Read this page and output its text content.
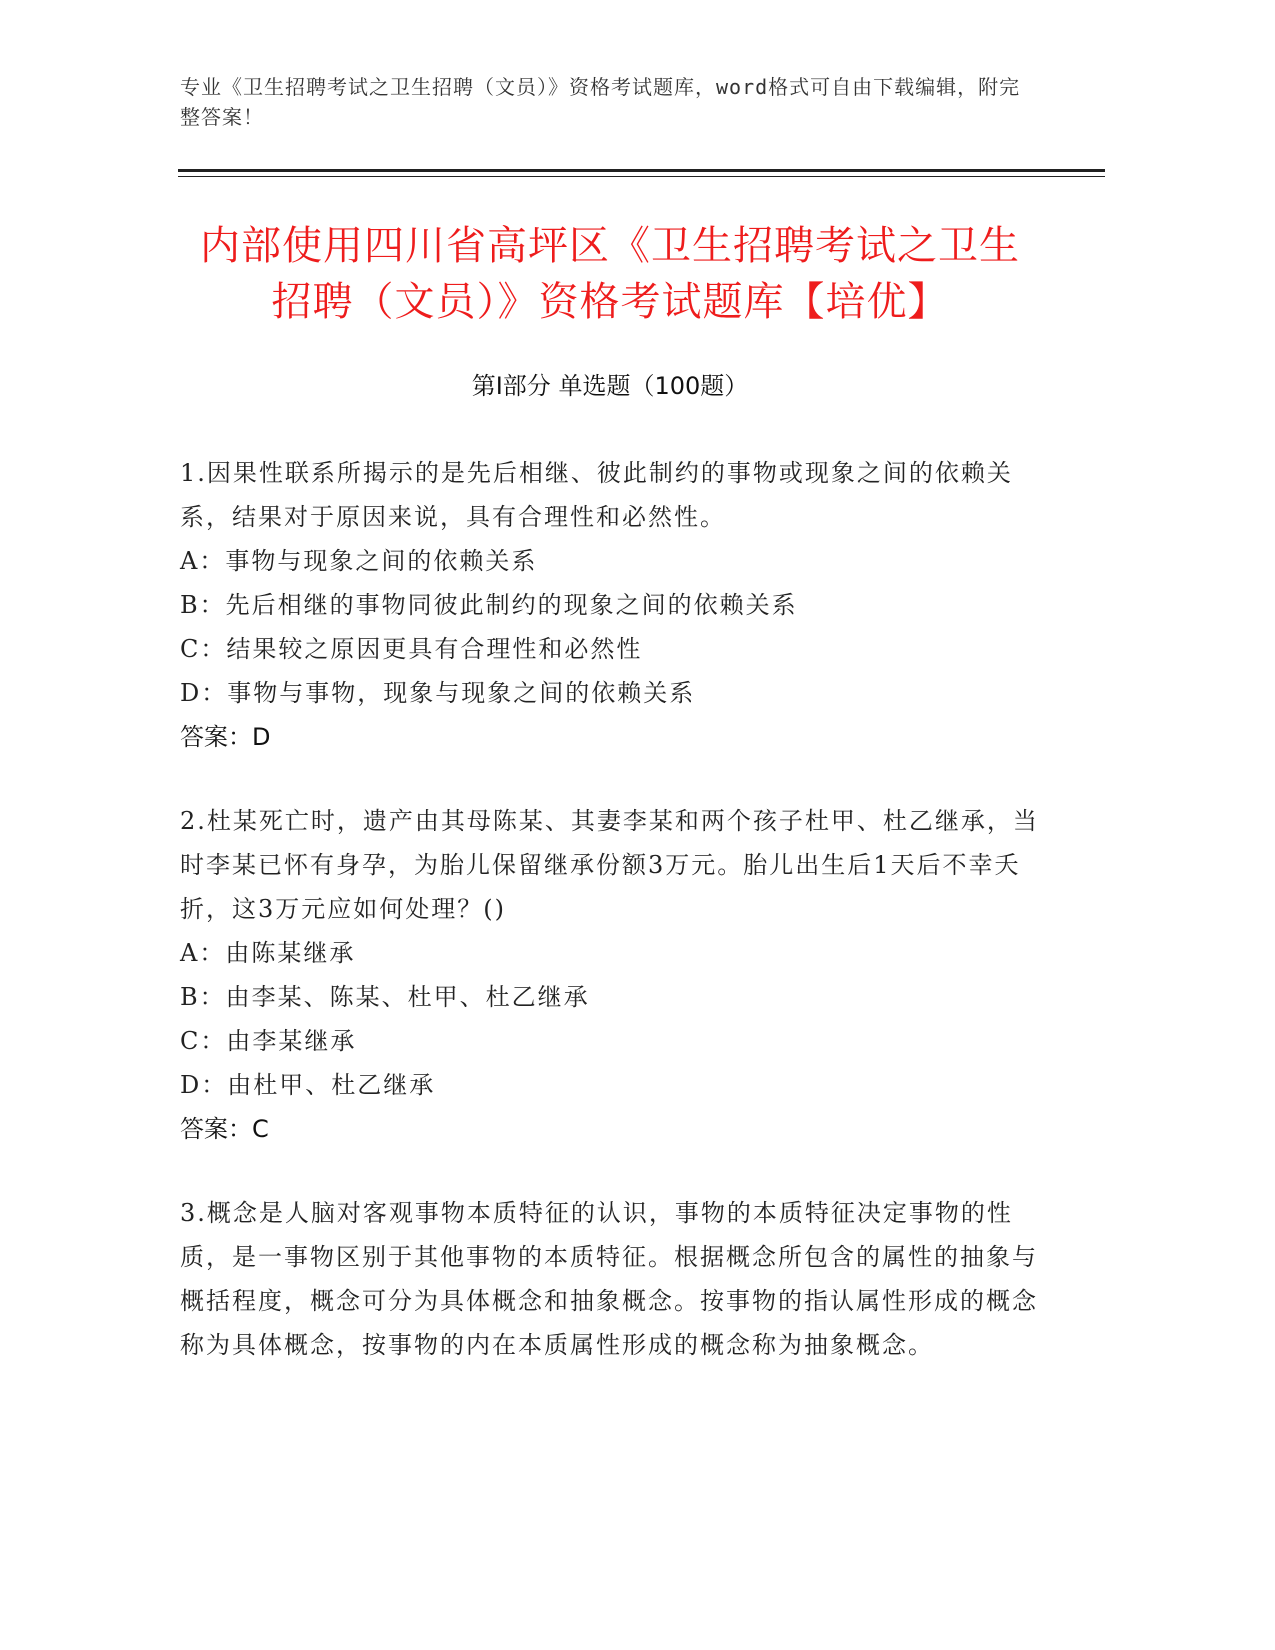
专业《卫生招聘考试之卫生招聘（文员）》资格考试题库，word格式可自由下载编辑，附完整答案！
内部使用四川省高坪区《卫生招聘考试之卫生招聘（文员）》资格考试题库【培优】
第Ⅰ部分 单选题（100题）
1.因果性联系所揭示的是先后相继、彼此制约的事物或现象之间的依赖关系，结果对于原因来说，具有合理性和必然性。
A：事物与现象之间的依赖关系
B：先后相继的事物同彼此制约的现象之间的依赖关系
C：结果较之原因更具有合理性和必然性
D：事物与事物，现象与现象之间的依赖关系
答案：D
2.杜某死亡时，遗产由其母陈某、其妻李某和两个孩子杜甲、杜乙继承，当时李某已怀有身孕，为胎儿保留继承份额3万元。胎儿出生后1天后不幸夭折，这3万元应如何处理？()
A：由陈某继承
B：由李某、陈某、杜甲、杜乙继承
C：由李某继承
D：由杜甲、杜乙继承
答案：C
3.概念是人脑对客观事物本质特征的认识，事物的本质特征决定事物的性质，是一事物区别于其他事物的本质特征。根据概念所包含的属性的抽象与概括程度，概念可分为具体概念和抽象概念。按事物的指认属性形成的概念称为具体概念，按事物的内在本质属性形成的概念称为抽象概念。
